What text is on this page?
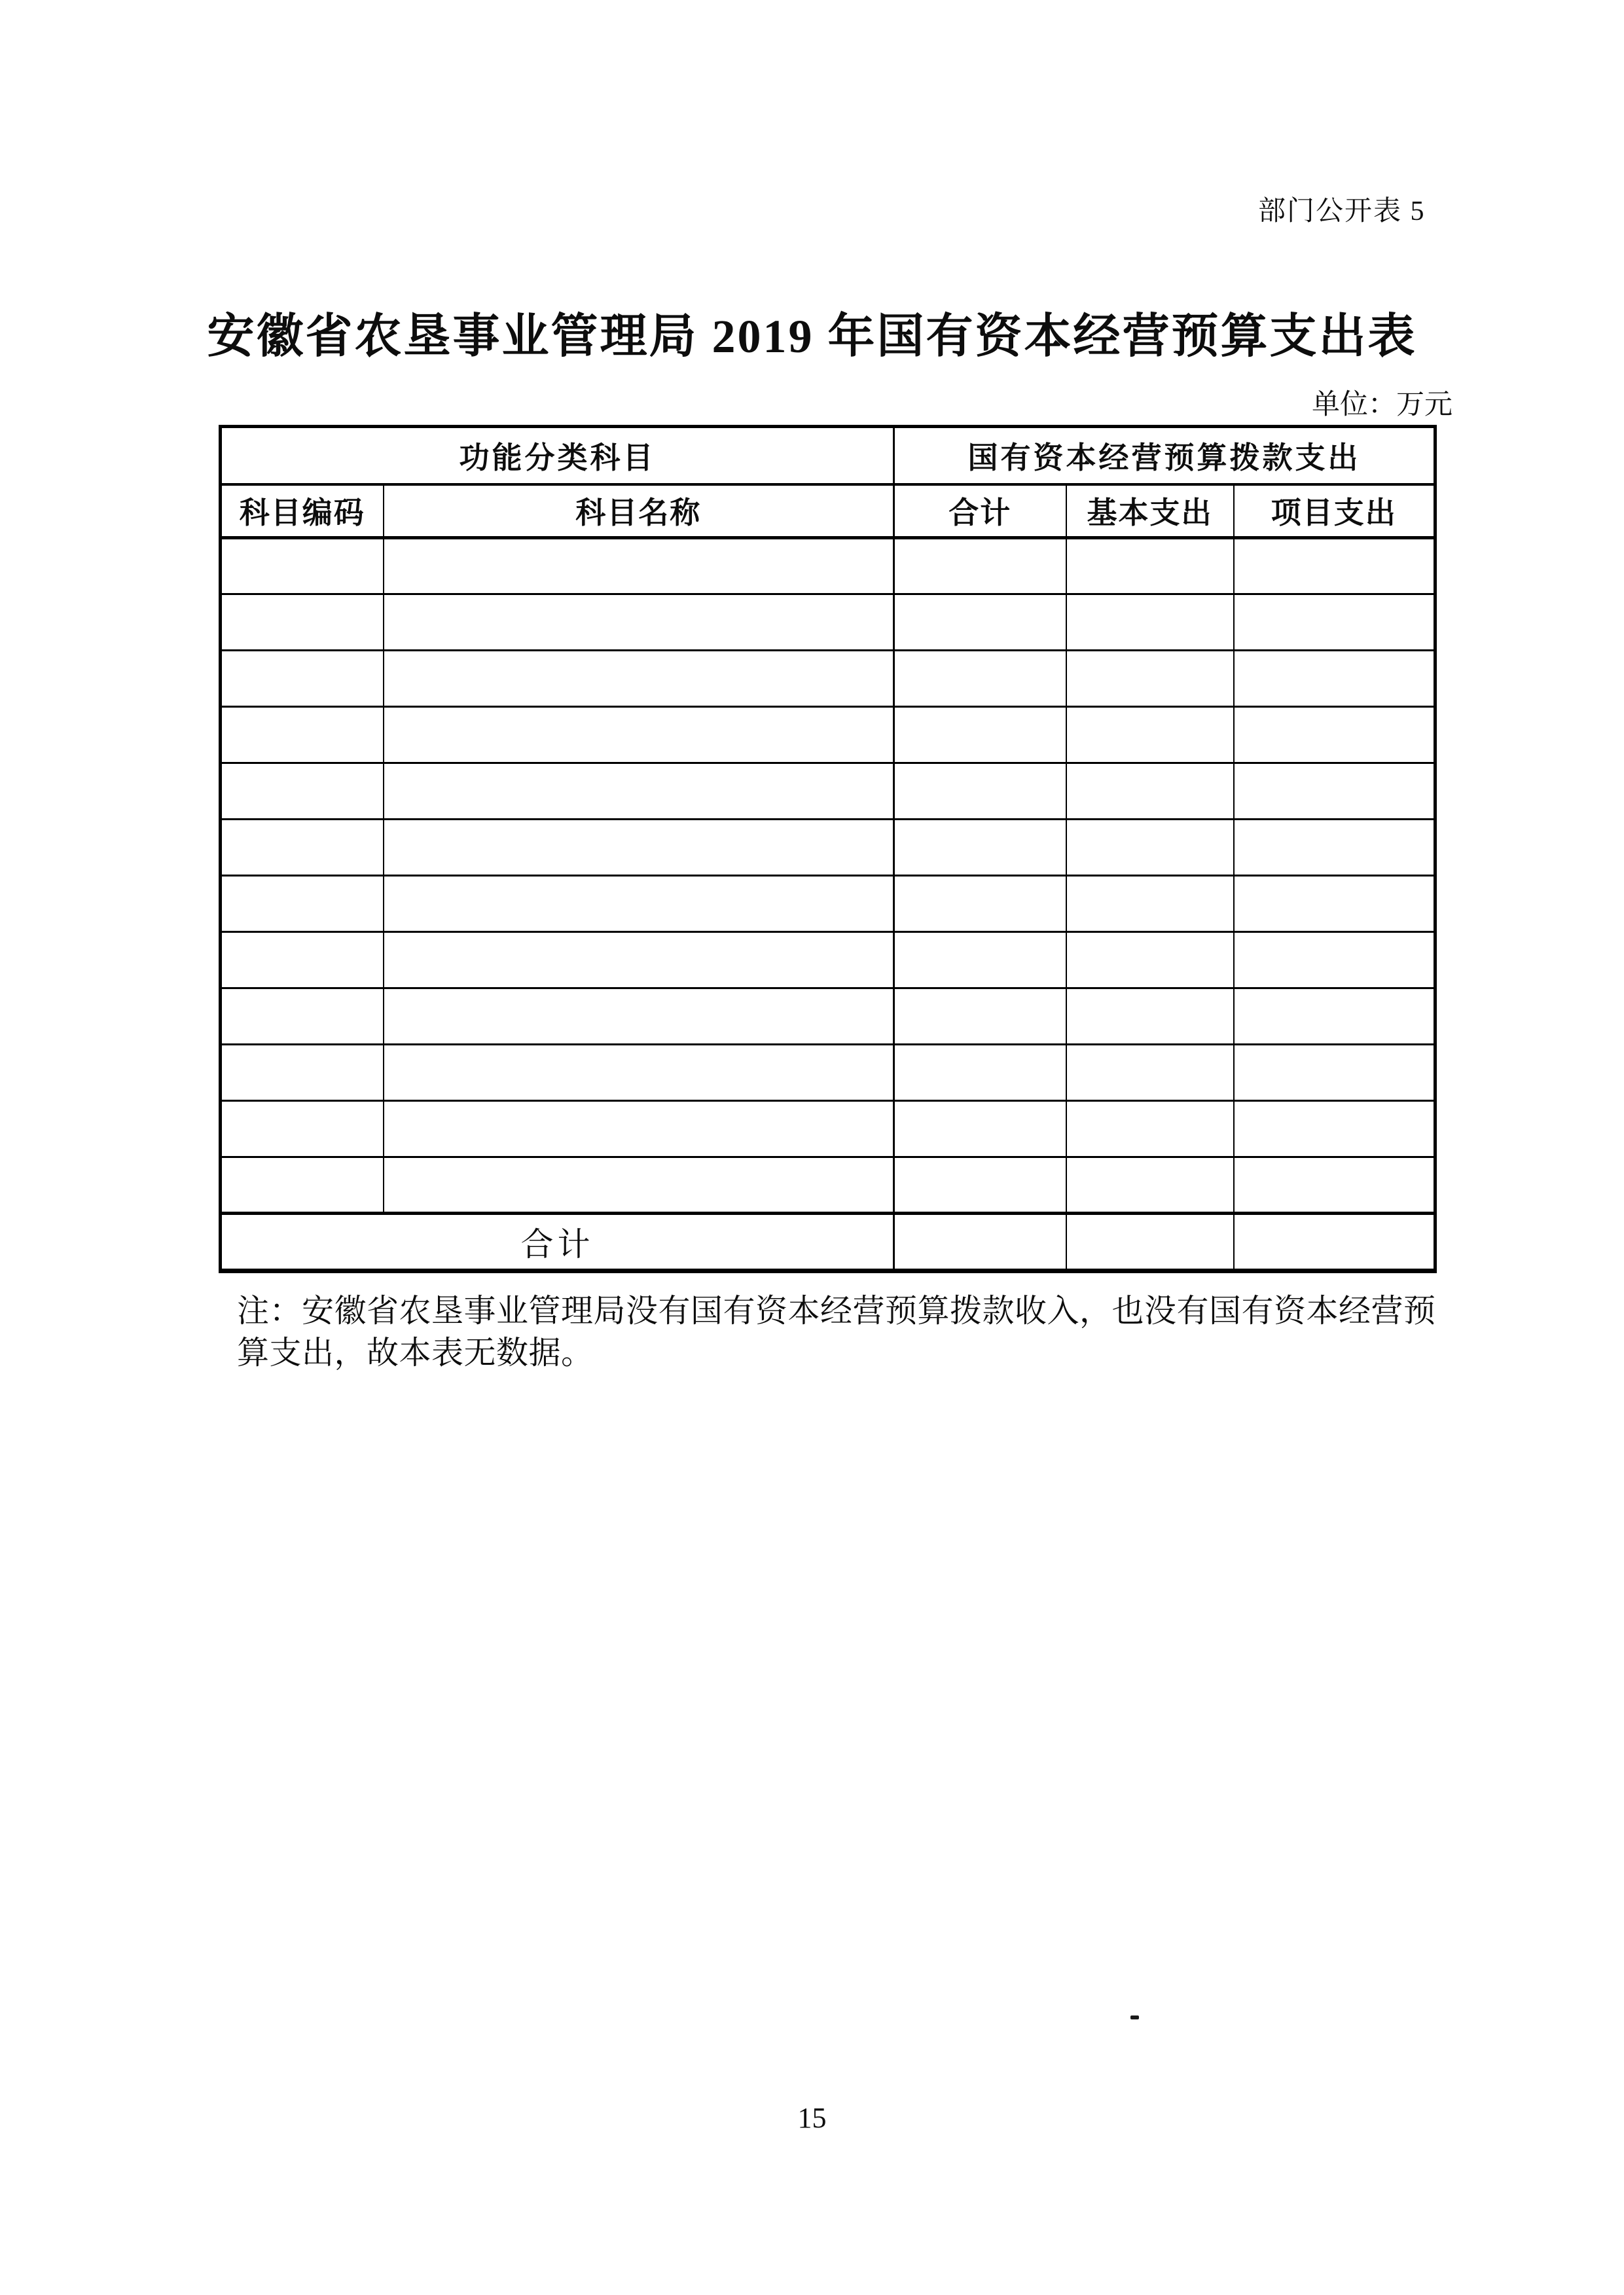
部门公开表 5
安徽省农垦事业管理局 2019 年国有资本经营预算支出表
单位：万元
功能分类科目		国有资本经营预算拨款支出		
科目编码	科目名称	合计	基本支出	项目支出

合计				
注：安徽省农垦事业管理局没有国有资本经营预算拨款收入，也没有国有资本经营预
算支出，故本表无数据。
15
